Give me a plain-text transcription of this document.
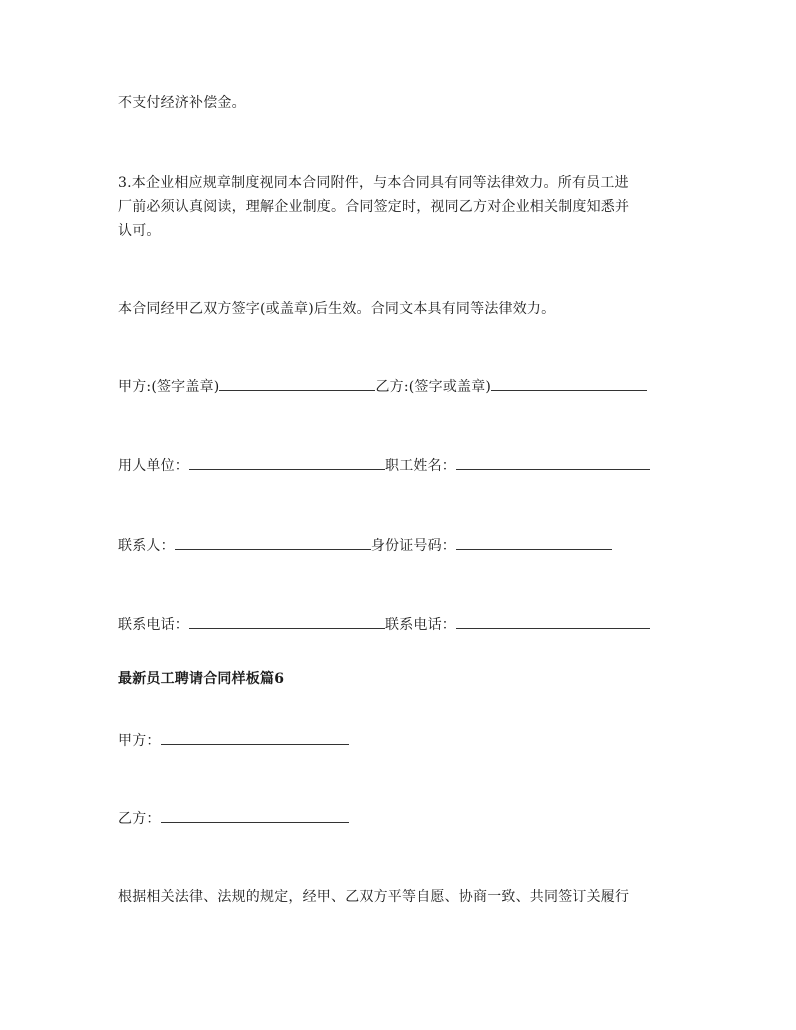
不支付经济补偿金。
3.本企业相应规章制度视同本合同附件，与本合同具有同等法律效力。所有员工进
厂前必须认真阅读，理解企业制度。合同签定时，视同乙方对企业相关制度知悉并
认可。
本合同经甲乙双方签字(或盖章)后生效。合同文本具有同等法律效力。
甲方:(签字盖章)	乙方:(签字或盖章)
用人单位：	职工姓名：
联系人：	身份证号码：
联系电话：	联系电话：
最新员工聘请合同样板篇6
甲方：
乙方：
根据相关法律、法规的规定，经甲、乙双方平等自愿、协商一致、共同签订关履行
